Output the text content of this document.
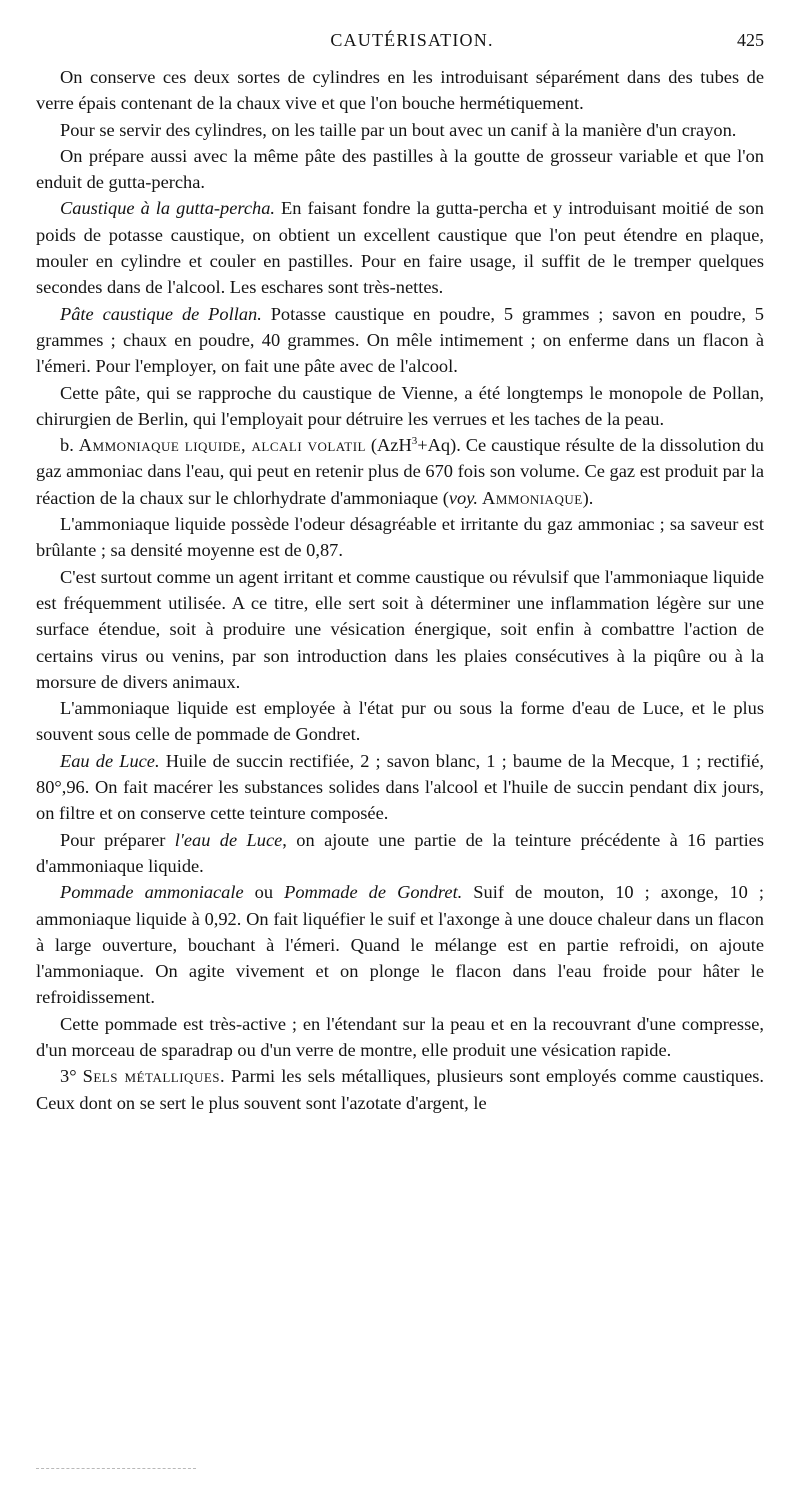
CAUTÉRISATION.	425

On conserve ces deux sortes de cylindres en les introduisant séparément dans des tubes de verre épais contenant de la chaux vive et que l'on bouche hermétiquement.

Pour se servir des cylindres, on les taille par un bout avec un canif à la manière d'un crayon.

On prépare aussi avec la même pâte des pastilles à la goutte de grosseur variable et que l'on enduit de gutta-percha.

Caustique à la gutta-percha. En faisant fondre la gutta-percha et y introduisant moitié de son poids de potasse caustique, on obtient un excellent caustique que l'on peut étendre en plaque, mouler en cylindre et couler en pastilles. Pour en faire usage, il suffit de le tremper quelques secondes dans de l'alcool. Les eschares sont très-nettes.

Pâte caustique de Pollan. Potasse caustique en poudre, 5 grammes ; savon en poudre, 5 grammes ; chaux en poudre, 40 grammes. On mêle intimement ; on enferme dans un flacon à l'émeri. Pour l'employer, on fait une pâte avec de l'alcool.

Cette pâte, qui se rapproche du caustique de Vienne, a été longtemps le monopole de Pollan, chirurgien de Berlin, qui l'employait pour détruire les verrues et les taches de la peau.

b. Ammoniaque liquide, alcali volatil (AzH$^3$+Aq). Ce caustique résulte de la dissolution du gaz ammoniac dans l'eau, qui peut en retenir plus de 670 fois son volume. Ce gaz est produit par la réaction de la chaux sur le chlorhydrate d'ammoniaque (voy. Ammoniaque).

L'ammoniaque liquide possède l'odeur désagréable et irritante du gaz ammoniac ; sa saveur est brûlante ; sa densité moyenne est de 0,87.

C'est surtout comme un agent irritant et comme caustique ou révulsif que l'ammoniaque liquide est fréquemment utilisée. A ce titre, elle sert soit à déterminer une inflammation légère sur une surface étendue, soit à produire une vésication énergique, soit enfin à combattre l'action de certains virus ou venins, par son introduction dans les plaies consécutives à la piqûre ou à la morsure de divers animaux.

L'ammoniaque liquide est employée à l'état pur ou sous la forme d'eau de Luce, et le plus souvent sous celle de pommade de Gondret.

Eau de Luce. Huile de succin rectifiée, 2 ; savon blanc, 1 ; baume de la Mecque, 1 ; rectifié, 80°,96. On fait macérer les substances solides dans l'alcool et l'huile de succin pendant dix jours, on filtre et on conserve cette teinture composée.

Pour préparer l'eau de Luce, on ajoute une partie de la teinture précédente à 16 parties d'ammoniaque liquide.

Pommade ammoniacale ou Pommade de Gondret. Suif de mouton, 10 ; axonge, 10 ; ammoniaque liquide à 0,92. On fait liquéfier le suif et l'axonge à une douce chaleur dans un flacon à large ouverture, bouchant à l'émeri. Quand le mélange est en partie refroidi, on ajoute l'ammoniaque. On agite vivement et on plonge le flacon dans l'eau froide pour hâter le refroidissement.

Cette pommade est très-active ; en l'étendant sur la peau et en la recouvrant d'une compresse, d'un morceau de sparadrap ou d'un verre de montre, elle produit une vésication rapide.

3° Sels métalliques. Parmi les sels métalliques, plusieurs sont employés comme caustiques. Ceux dont on se sert le plus souvent sont l'azotate d'argent, le
